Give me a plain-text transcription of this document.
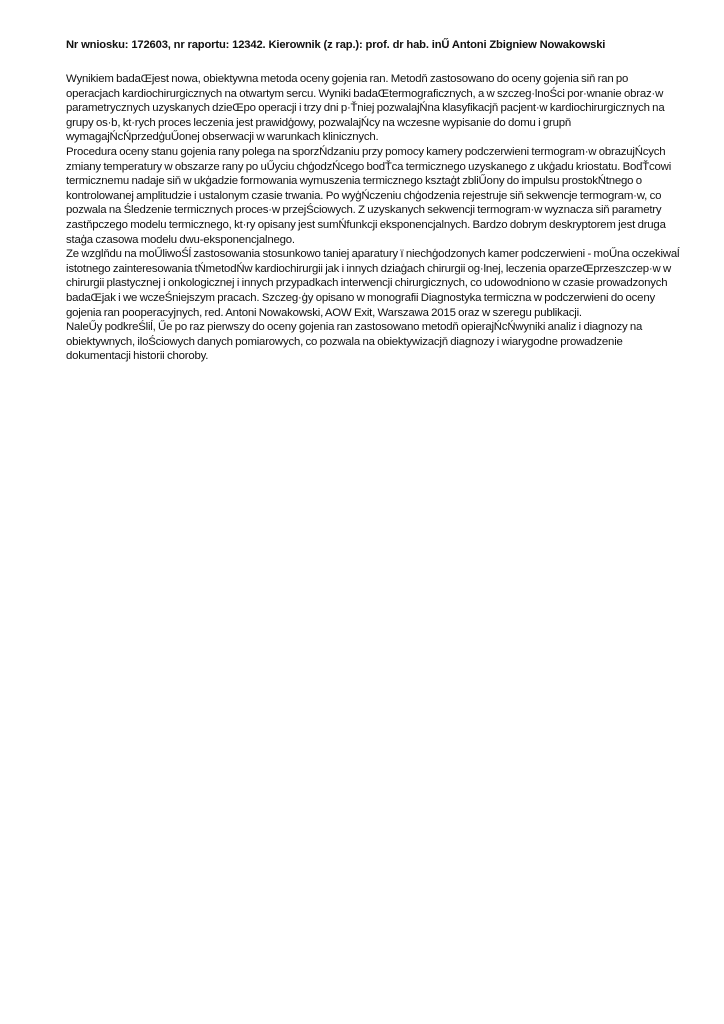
Nr wniosku: 172603, nr raportu: 12342. Kierownik (z rap.): prof. dr hab. inŰ Antoni Zbigniew Nowakowski

Wynikiem badaŒjest nowa, obiektywna metoda oceny gojenia ran. Metodň zastosowano do oceny gojenia siň ran po operacjach kardiochirurgicznych na otwartym sercu. Wyniki badaŒtermograficznych, a w szczeg·lnoŚci por·wnanie obraz·w parametrycznych uzyskanych dzieŒpo operacji i trzy dni p·Ťniej pozwalajŃna klasyfikacjň pacjent·w kardiochirurgicznych na grupy os·b, kt·rych proces leczenia jest prawidģowy, pozwalajŃcy na wczesne wypisanie do domu i grupň wymagajŃcŃprzedģuŰonej obserwacji w warunkach klinicznych.

Procedura oceny stanu gojenia rany polega na sporzŃdzaniu przy pomocy kamery podczerwieni termogram·w obrazujŃcych zmiany temperatury w obszarze rany po uŰyciu chģodzŃcego bodŤca termicznego uzyskanego z ukģadu kriostatu. BodŤcowi termicznemu nadaje siň w ukģadzie formowania wymuszenia termicznego ksztaģt zbliŰony do impulsu prostokŃtnego o kontrolowanej amplitudzie i ustalonym czasie trwania. Po wyģŃczeniu chģodzenia rejestruje siň sekwencje termogram·w, co pozwala na Śledzenie termicznych proces·w przejŚciowych. Z uzyskanych sekwencji termogram·w wyznacza siň parametry zastňpczego modelu termicznego, kt·ry opisany jest sumŃfunkcji eksponencjalnych. Bardzo dobrym deskryptorem jest druga staģa czasowa modelu dwu-eksponencjalnego.

Ze wzglňdu na moŰliwoŚĺ zastosowania stosunkowo taniej aparatury ï niechģodzonych kamer podczerwieni - moŰna oczekiwaĺ istotnego zainteresowania tŃmetodŃw kardiochirurgii jak i innych dziaģach chirurgii og·lnej, leczenia oparzeŒprzeszczep·w w chirurgii plastycznej i onkologicznej i innych przypadkach interwencji chirurgicznych, co udowodniono w czasie prowadzonych badaŒjak i we wczeŚniejszym pracach. Szczeg·ģy opisano w monografii Diagnostyka termiczna w podczerwieni do oceny gojenia ran pooperacyjnych, red. Antoni Nowakowski, AOW Exit, Warszawa 2015 oraz w szeregu publikacji.

NaleŰy podkreŚliĺ, Űe po raz pierwszy do oceny gojenia ran zastosowano metodň opierajŃcŃwyniki analiz i diagnozy na obiektywnych, iloŚciowych danych pomiarowych, co pozwala na obiektywizacjň diagnozy i wiarygodne prowadzenie dokumentacji historii choroby.
